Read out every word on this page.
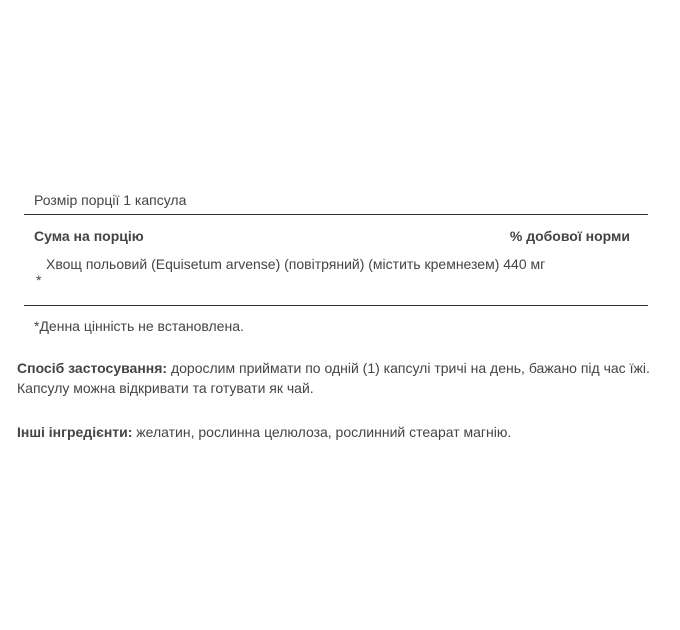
Розмір порції 1 капсула
Сума на порцію	% добової норми
Хвощ польовий (Equisetum arvense) (повітряний) (містить кремнезем) 440 мг
*
*Денна цінність не встановлена.
Спосіб застосування: дорослим приймати по одній (1) капсулі тричі на день, бажано під час їжі. Капсулу можна відкривати та готувати як чай.
Інші інгредієнти: желатин, рослинна целюлоза, рослинний стеарат магнію.
